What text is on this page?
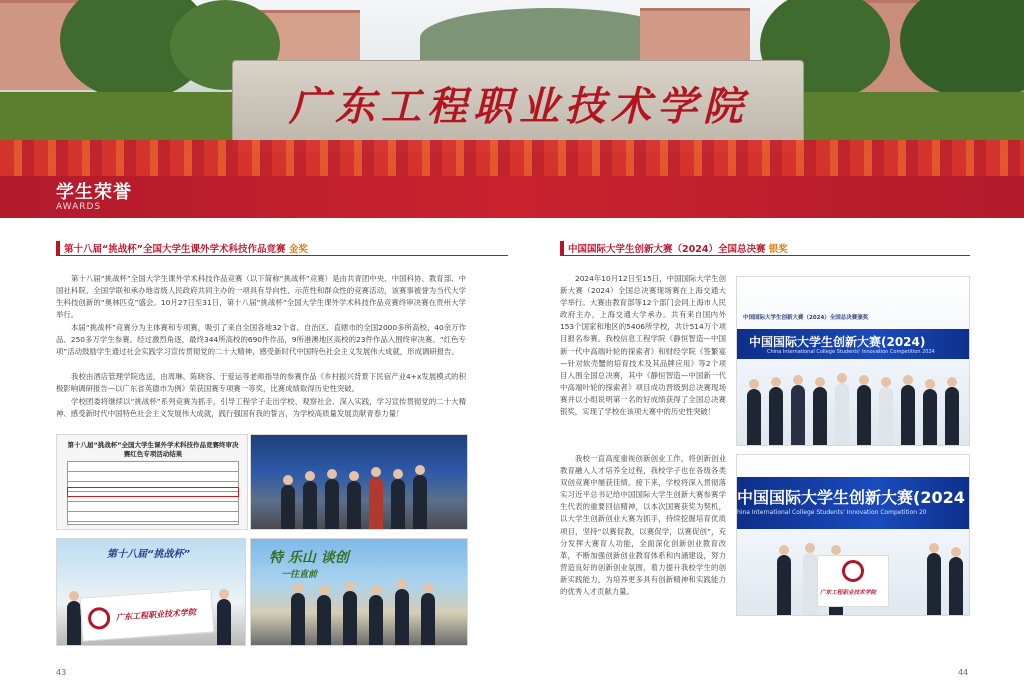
广东工程职业技术学院
学生荣誉
AWARDS
第十八届“挑战杯”全国大学生课外学术科技作品竞赛 金奖

第十八届“挑战杯”全国大学生课外学术科技作品竞赛（以下简称“挑战杯”竞赛）是由共青团中央、中国科协、教育部、中国社科院、全国学联和承办地省级人民政府共同主办的一项具有导向性、示范性和群众性的竞赛活动，该赛事被誉为当代大学生科技创新的“奥林匹克”盛会。10月27日至31日，第十八届“挑战杯”全国大学生课外学术科技作品竞赛终审决赛在贵州大学举行。

本届“挑战杯”竞赛分为主体赛和专项赛，吸引了来自全国各地32个省、自治区、直辖市的全国2000多所高校、40余万作品、250多万学生参赛。经过激烈角逐，最终344所高校的690件作品，9所港澳地区高校的23件作品入围终审决赛。“红色专项”活动鼓励学生通过社会实践学习宣传贯彻党的二十大精神，感受新时代中国特色社会主义发展伟大成就，形成调研报告。

我校由酒店管理学院选送，由周琳、陈晓容、于爱运等老师指导的参赛作品《乡村振兴背景下民宿产业4+x发展模式的积极影响调研报告—以广东省英德市为例》荣获国赛专项赛一等奖，比赛成绩取得历史性突破。

学校团委将继续以“挑战杯”系列竞赛为抓手，引导工程学子走出学校、观察社会、深入实践，学习宣传贯彻党的二十大精神、感受新时代中国特色社会主义发展伟大成就，践行强国有我的誓言，为学校高质量发展贡献青春力量！

第十八届“挑战杯”全国大学生课外学术科技作品竞赛终审决赛红色专项活动结果
第十八届“挑战杯”
广东工程职业技术学院
特 乐山 谈创
一往直前
43
中国国际大学生创新大赛（2024）全国总决赛 银奖

2024年10月12日至15日，中国国际大学生创新大赛（2024）全国总决赛现场赛在上海交通大学举行。大赛由教育部等12个部门会同上海市人民政府主办，上海交通大学承办。共有来自国内外153个国家和地区的5406所学校，共计514万个项目报名参赛。我校信息工程学院《静恒智造—中国新一代中高端叶轮的探索者》和财经学院《签繁宴—针对软壳蟹的培育技术及其品牌应用》等2个项目入围全国总决赛，其中《静恒智造—中国新一代中高端叶轮的探索者》项目成功晋级到总决赛现场赛并以小组说明第一名的好成绩获得了全国总决赛银奖，实现了学校在该项大赛中的历史性突破！

我校一直高度重视创新创业工作，将创新创业教育融入人才培养全过程，我校学子也在各级各类双创竞赛中屡获佳绩。接下来，学校将深入贯彻落实习近平总书记给中国国际大学生创新大赛参赛学生代表的重要回信精神，以本次国赛获奖为契机，以大学生创新创业大赛为抓手，持续挖掘培育优质项目，坚持“以赛促教，以赛促学，以赛促创”，充分发挥大赛育人功能，全面深化创新创业教育改革，不断加强创新创业教育体系和内涵建设，努力营造良好的创新创业氛围，着力提升我校学生的创新实践能力，为培养更多具有创新精神和实践能力的优秀人才贡献力量。

中国国际大学生创新大赛（2024）全国总决赛颁奖
中国国际大学生创新大赛(2024)
China International College Students' Innovation Competition 2024
中国国际大学生创新大赛(2024
hina International College Students' Innovation Competition 20
广东工程职业技术学院
44
